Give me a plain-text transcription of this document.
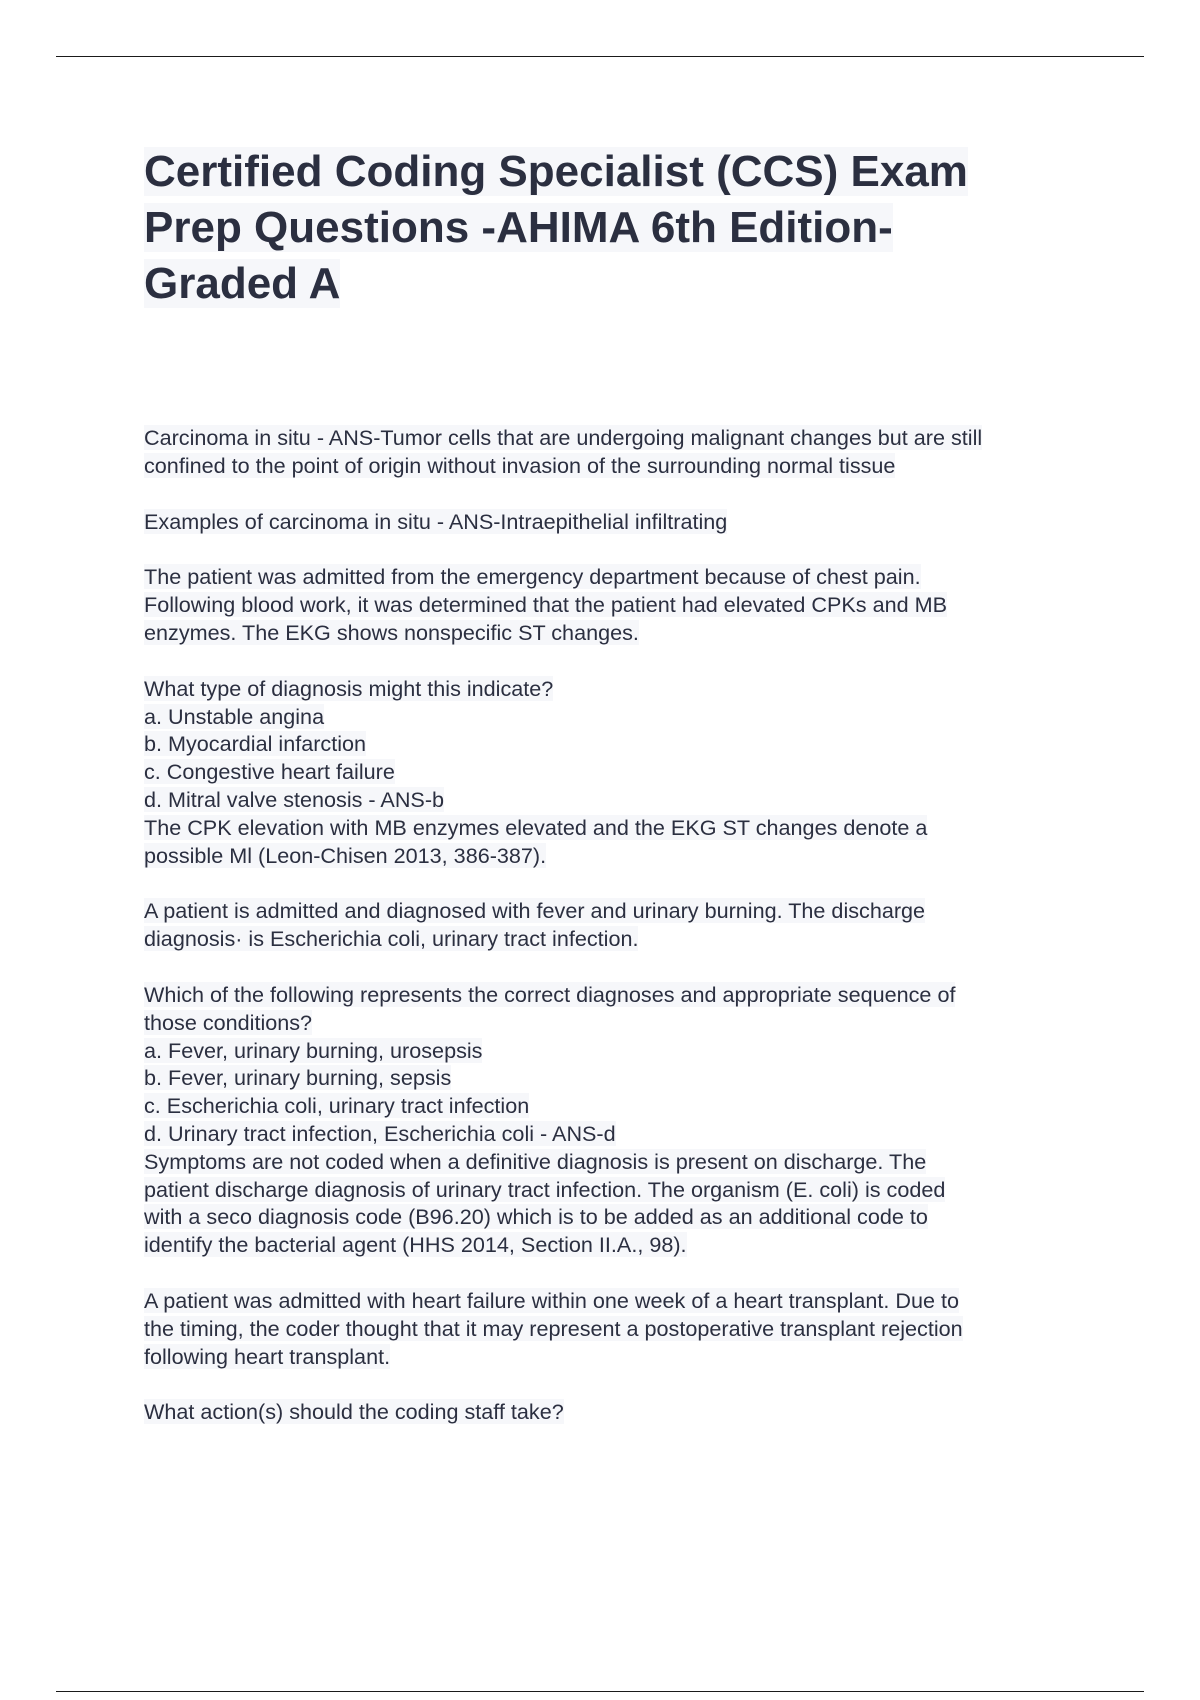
Certified Coding Specialist (CCS) Exam
Prep Questions -AHIMA 6th Edition-
Graded A
Carcinoma in situ - ANS-Tumor cells that are undergoing malignant changes but are still
confined to the point of origin without invasion of the surrounding normal tissue
Examples of carcinoma in situ - ANS-Intraepithelial infiltrating
The patient was admitted from the emergency department because of chest pain.
Following blood work, it was determined that the patient had elevated CPKs and MB
enzymes. The EKG shows nonspecific ST changes.
What type of diagnosis might this indicate?
a. Unstable angina
b. Myocardial infarction
c. Congestive heart failure
d. Mitral valve stenosis - ANS-b
The CPK elevation with MB enzymes elevated and the EKG ST changes denote a
possible Ml (Leon-Chisen 2013, 386-387).
A patient is admitted and diagnosed with fever and urinary burning. The discharge
diagnosis· is Escherichia coli, urinary tract infection.
Which of the following represents the correct diagnoses and appropriate sequence of
those conditions?
a. Fever, urinary burning, urosepsis
b. Fever, urinary burning, sepsis
c. Escherichia coli, urinary tract infection
d. Urinary tract infection, Escherichia coli - ANS-d
Symptoms are not coded when a definitive diagnosis is present on discharge. The
patient discharge diagnosis of urinary tract infection. The organism (E. coli) is coded
with a seco diagnosis code (B96.20) which is to be added as an additional code to
identify the bacterial agent (HHS 2014, Section II.A., 98).
A patient was admitted with heart failure within one week of a heart transplant. Due to
the timing, the coder thought that it may represent a postoperative transplant rejection
following heart transplant.
What action(s) should the coding staff take?
